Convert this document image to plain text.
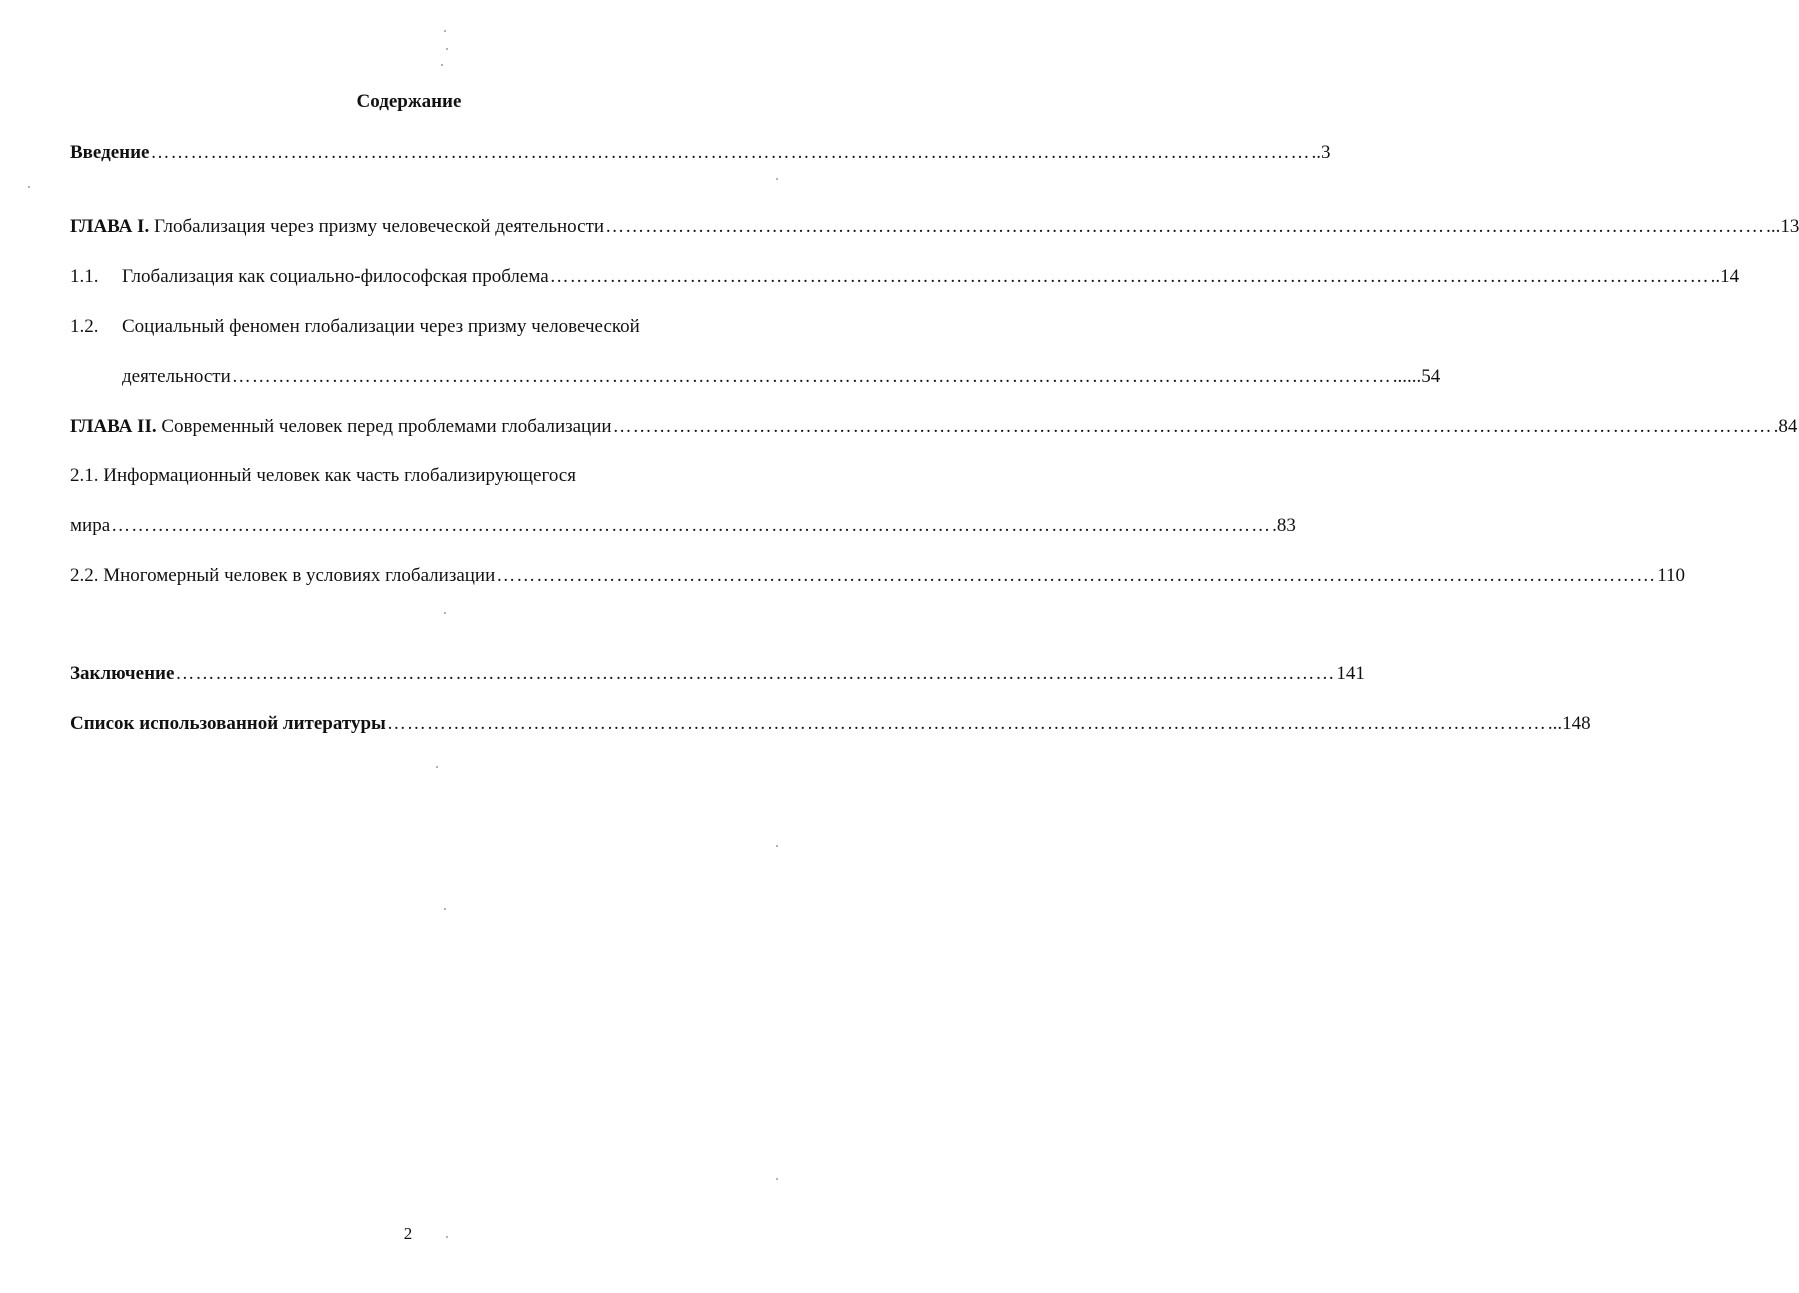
Содержание
Введение ………………………………………………………………………………………………………………………………………………………… ..3
ГЛАВА I. Глобализация через призму человеческой деятельности ………………………………………………………………………………………………………………………………………………………… ...13
1.1.	Глобализация как социально-философская проблема ………………………………………………………………………………………………………………………………………………………… ..14
1.2. Социальный феномен глобализации через призму человеческой
деятельности ………………………………………………………………………………………………………………………………………………………… ......54
ГЛАВА II. Современный человек перед проблемами глобализации ………………………………………………………………………………………………………………………………………………………… .84
2.1. Информационный человек как часть глобализирующегося
мира ………………………………………………………………………………………………………………………………………………………… .83
2.2. Многомерный человек в условиях глобализации ………………………………………………………………………………………………………………………………………………………… 110
Заключение ………………………………………………………………………………………………………………………………………………………… 141
Список использованной литературы ………………………………………………………………………………………………………………………………………………………… ...148
2
